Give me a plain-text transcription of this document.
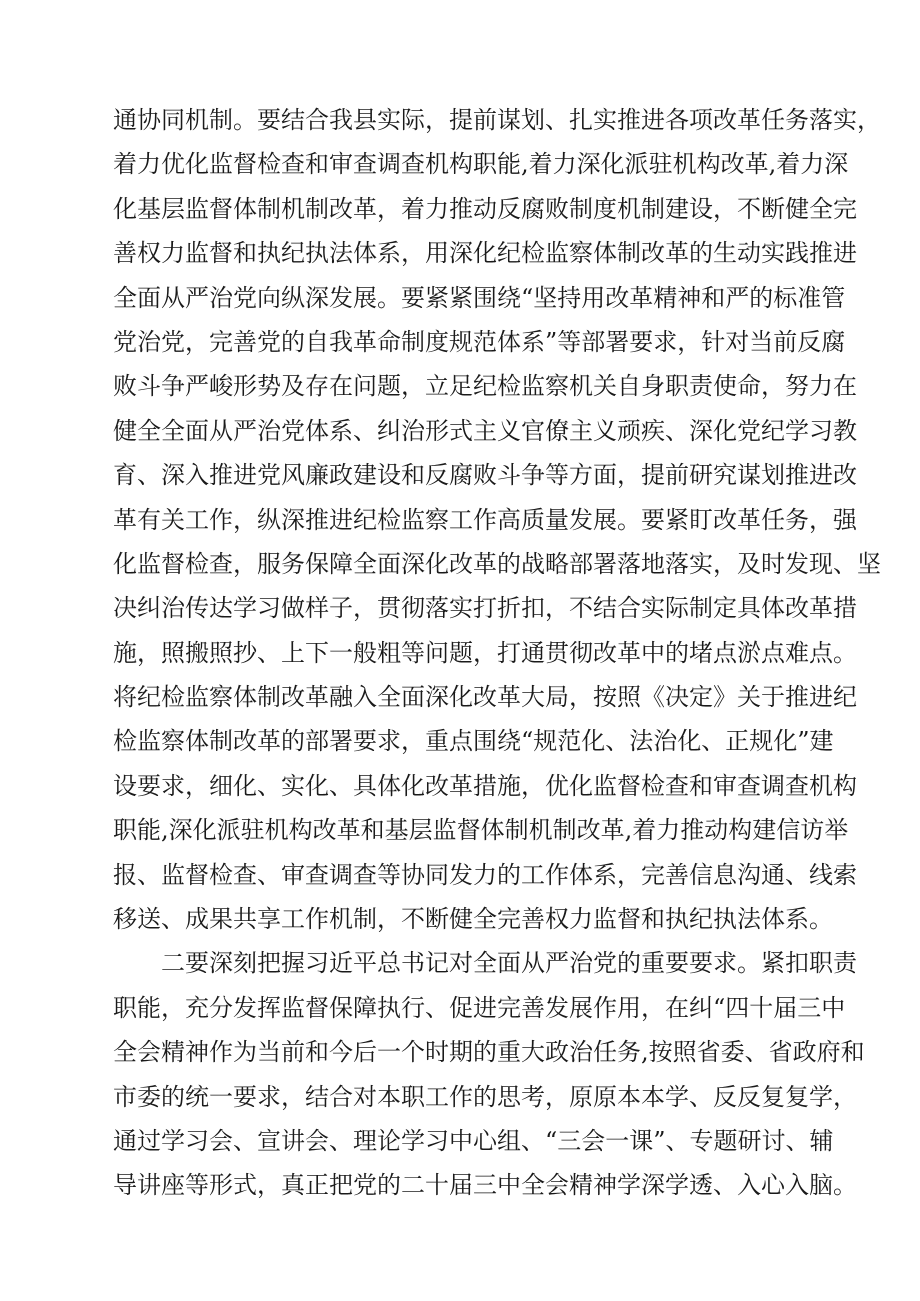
通协同机制。要结合我县实际，提前谋划、扎实推进各项改革任务落实，
着力优化监督检查和审查调查机构职能,着力深化派驻机构改革,着力深
化基层监督体制机制改革，着力推动反腐败制度机制建设，不断健全完
善权力监督和执纪执法体系，用深化纪检监察体制改革的生动实践推进
全面从严治党向纵深发展。要紧紧围绕“坚持用改革精神和严的标准管
党治党，完善党的自我革命制度规范体系”等部署要求，针对当前反腐
败斗争严峻形势及存在问题，立足纪检监察机关自身职责使命，努力在
健全全面从严治党体系、纠治形式主义官僚主义顽疾、深化党纪学习教
育、深入推进党风廉政建设和反腐败斗争等方面，提前研究谋划推进改
革有关工作，纵深推进纪检监察工作高质量发展。要紧盯改革任务，强
化监督检查，服务保障全面深化改革的战略部署落地落实，及时发现、坚
决纠治传达学习做样子，贯彻落实打折扣，不结合实际制定具体改革措
施，照搬照抄、上下一般粗等问题，打通贯彻改革中的堵点淤点难点。
将纪检监察体制改革融入全面深化改革大局，按照《决定》关于推进纪
检监察体制改革的部署要求，重点围绕“规范化、法治化、正规化”建
设要求，细化、实化、具体化改革措施，优化监督检查和审查调查机构
职能,深化派驻机构改革和基层监督体制机制改革,着力推动构建信访举
报、监督检查、审查调查等协同发力的工作体系，完善信息沟通、线索
移送、成果共享工作机制，不断健全完善权力监督和执纪执法体系。
二要深刻把握习近平总书记对全面从严治党的重要要求。紧扣职责
职能，充分发挥监督保障执行、促进完善发展作用，在纠“四十届三中
全会精神作为当前和今后一个时期的重大政治任务,按照省委、省政府和
市委的统一要求，结合对本职工作的思考，原原本本学、反反复复学，
通过学习会、宣讲会、理论学习中心组、“三会一课”、专题研讨、辅
导讲座等形式，真正把党的二十届三中全会精神学深学透、入心入脑。
